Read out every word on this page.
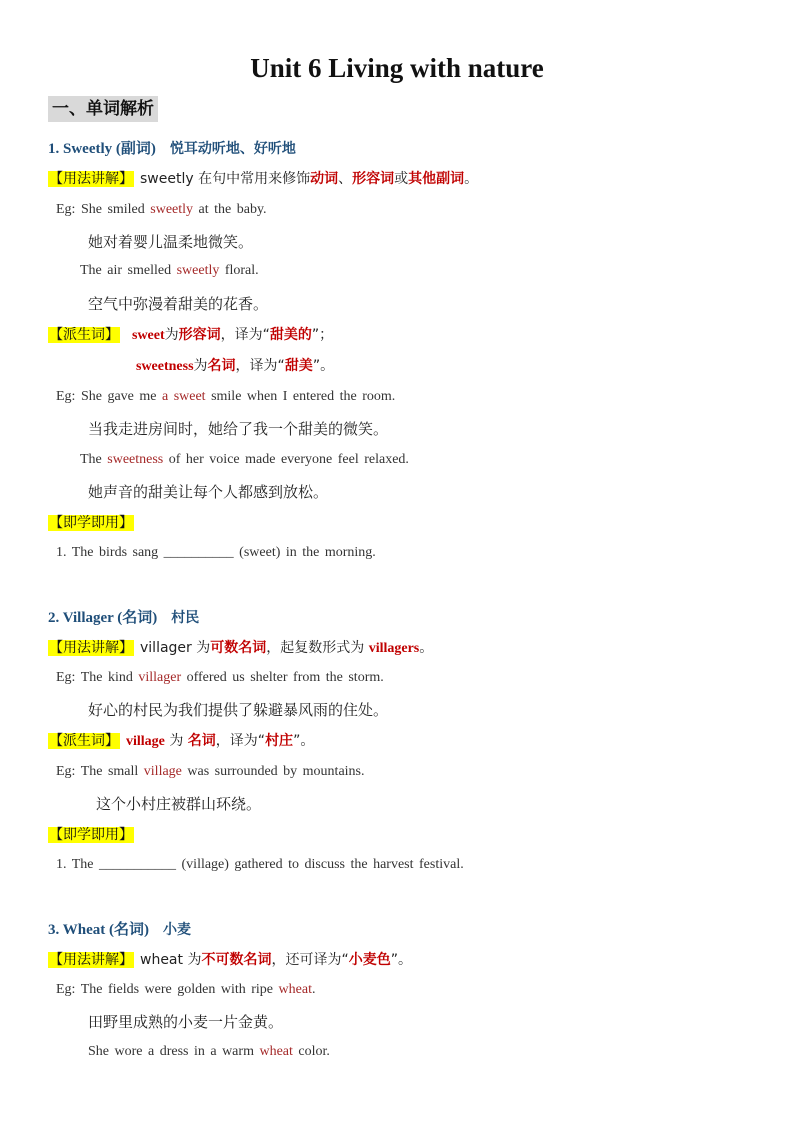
Unit 6 Living with nature
一、单词解析
1. Sweetly (副词) 悦耳动听地、好听地
【用法讲解】 sweetly 在句中常用来修饰动词、形容词或其他副词。
Eg: She smiled sweetly at the baby.
她对着婴儿温柔地微笑。
The air smelled sweetly floral.
空气中弥漫着甜美的花香。
【派生词】 sweet为形容词，译为“甜美的”；
sweetness为名词，译为“甜美”。
Eg: She gave me a sweet smile when I entered the room.
当我走进房间时，她给了我一个甜美的微笑。
The sweetness of her voice made everyone feel relaxed.
她声音的甜美让每个人都感到放松。
【即学即用】
1. The birds sang __________ (sweet) in the morning.
2. Villager (名词) 村民
【用法讲解】 villager 为可数名词，起复数形式为 villagers。
Eg: The kind villager offered us shelter from the storm.
好心的村民为我们提供了躲避暴风雨的住处。
【派生词】 village 为 名词，译为“村庄”。
Eg: The small village was surrounded by mountains.
这个小村庄被群山环绕。
【即学即用】
1. The ___________ (village) gathered to discuss the harvest festival.
3. Wheat (名词) 小麦
【用法讲解】 wheat 为不可数名词，还可译为“小麦色”。
Eg: The fields were golden with ripe wheat.
田野里成熟的小麦一片金黄。
She wore a dress in a warm wheat color.
